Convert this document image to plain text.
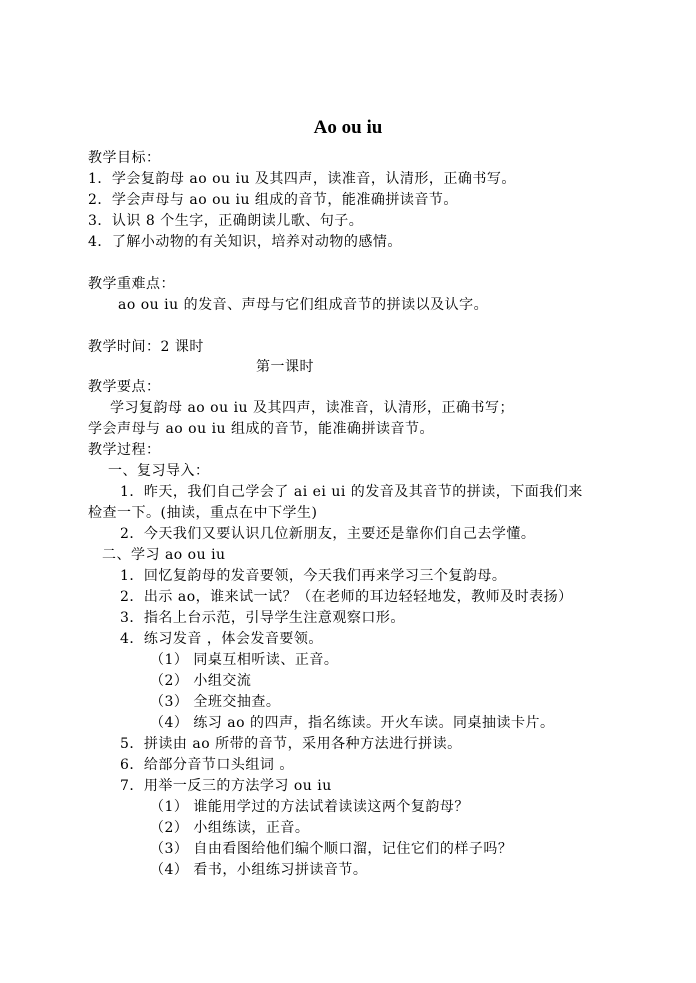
Ao ou iu
教学目标：
1．学会复韵母 ao ou iu 及其四声，读准音，认清形，正确书写。
2．学会声母与 ao ou iu 组成的音节，能准确拼读音节。
3．认识 8 个生字，正确朗读儿歌、句子。
4．了解小动物的有关知识，培养对动物的感情。
教学重难点：
ao ou iu 的发音、声母与它们组成音节的拼读以及认字。
教学时间：2 课时
第一课时
教学要点：
学习复韵母 ao ou iu 及其四声，读准音，认清形，正确书写；
学会声母与 ao ou iu 组成的音节，能准确拼读音节。
教学过程：
一、复习导入：
1．昨天，我们自己学会了 ai ei ui 的发音及其音节的拼读，下面我们来
检查一下。(抽读，重点在中下学生)
2．今天我们又要认识几位新朋友，主要还是靠你们自己去学懂。
二、学习 ao ou iu
1．回忆复韵母的发音要领，今天我们再来学习三个复韵母。
2．出示 ao，谁来试一试？（在老师的耳边轻轻地发，教师及时表扬）
3．指名上台示范，引导学生注意观察口形。
4．练习发音 ，体会发音要领。
（1） 同桌互相听读、正音。
（2） 小组交流
（3） 全班交抽查。
（4） 练习 ao 的四声，指名练读。开火车读。同桌抽读卡片。
5．拼读由 ao 所带的音节，采用各种方法进行拼读。
6．给部分音节口头组词 。
7．用举一反三的方法学习 ou iu
（1） 谁能用学过的方法试着读读这两个复韵母？
（2） 小组练读，正音。
（3） 自由看图给他们编个顺口溜，记住它们的样子吗？
（4） 看书，小组练习拼读音节。
